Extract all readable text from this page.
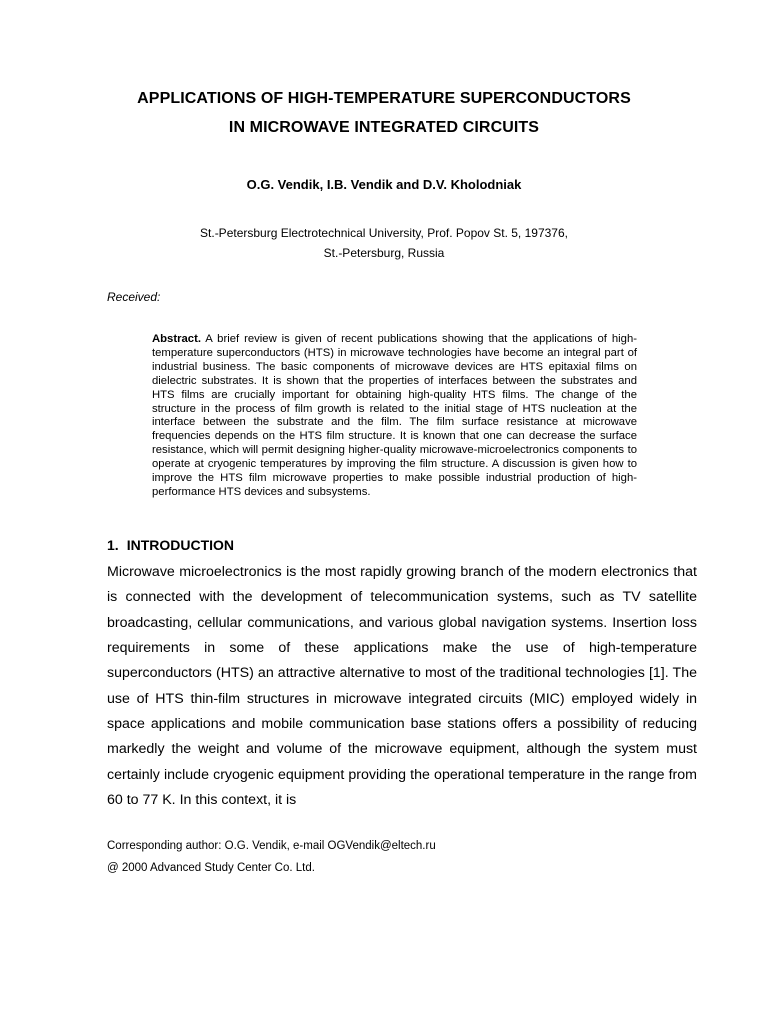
APPLICATIONS OF HIGH-TEMPERATURE SUPERCONDUCTORS
IN MICROWAVE INTEGRATED CIRCUITS
O.G. Vendik, I.B. Vendik and D.V. Kholodniak
St.-Petersburg Electrotechnical University, Prof. Popov St. 5, 197376,
St.-Petersburg, Russia
Received:
Abstract. A brief review is given of recent publications showing that the applications of high-temperature superconductors (HTS) in microwave technologies have become an integral part of industrial business. The basic components of microwave devices are HTS epitaxial films on dielectric substrates. It is shown that the properties of interfaces between the substrates and HTS films are crucially important for obtaining high-quality HTS films. The change of the structure in the process of film growth is related to the initial stage of HTS nucleation at the interface between the substrate and the film. The film surface resistance at microwave frequencies depends on the HTS film structure. It is known that one can decrease the surface resistance, which will permit designing higher-quality microwave-microelectronics components to operate at cryogenic temperatures by improving the film structure. A discussion is given how to improve the HTS film microwave properties to make possible industrial production of high-performance HTS devices and subsystems.
1. INTRODUCTION
Microwave microelectronics is the most rapidly growing branch of the modern electronics that is connected with the development of telecommunication systems, such as TV satellite broadcasting, cellular communications, and various global navigation systems. Insertion loss requirements in some of these applications make the use of high-temperature superconductors (HTS) an attractive alternative to most of the traditional technologies [1]. The use of HTS thin-film structures in microwave integrated circuits (MIC) employed widely in space applications and mobile communication base stations offers a possibility of reducing markedly the weight and volume of the microwave equipment, although the system must certainly include cryogenic equipment providing the operational temperature in the range from 60 to 77 K. In this context, it is
Corresponding author: O.G. Vendik, e-mail OGVendik@eltech.ru
@ 2000 Advanced Study Center Co. Ltd.
